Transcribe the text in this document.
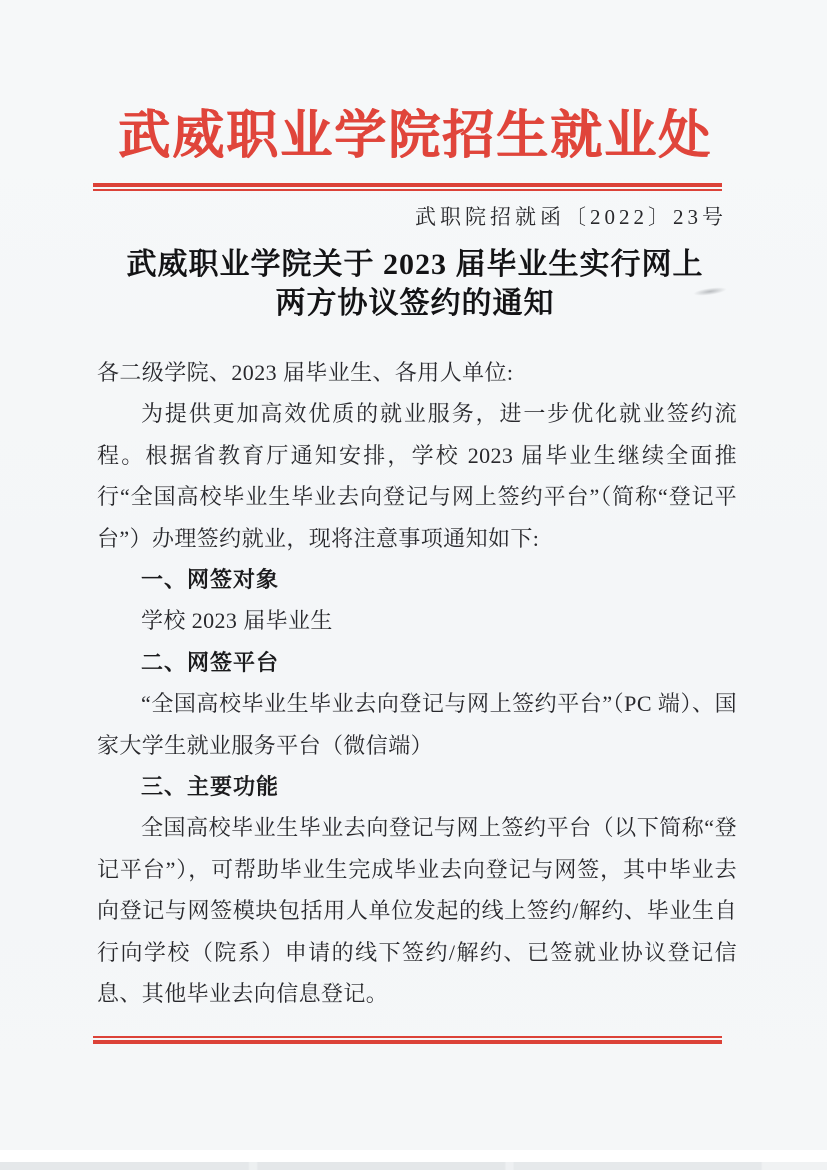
武威职业学院招生就业处
武职院招就函〔2022〕23号
武威职业学院关于 2023 届毕业生实行网上
两方协议签约的通知

各二级学院、2023 届毕业生、各用人单位:

为提供更加高效优质的就业服务，进一步优化就业签约流程。根据省教育厅通知安排，学校 2023 届毕业生继续全面推行“全国高校毕业生毕业去向登记与网上签约平台”（简称“登记平台”）办理签约就业，现将注意事项通知如下:

一、网签对象

学校 2023 届毕业生

二、网签平台

“全国高校毕业生毕业去向登记与网上签约平台”（PC 端）、国家大学生就业服务平台（微信端）

三、主要功能

全国高校毕业生毕业去向登记与网上签约平台（以下简称“登记平台”），可帮助毕业生完成毕业去向登记与网签，其中毕业去向登记与网签模块包括用人单位发起的线上签约/解约、毕业生自行向学校（院系）申请的线下签约/解约、已签就业协议登记信息、其他毕业去向信息登记。
